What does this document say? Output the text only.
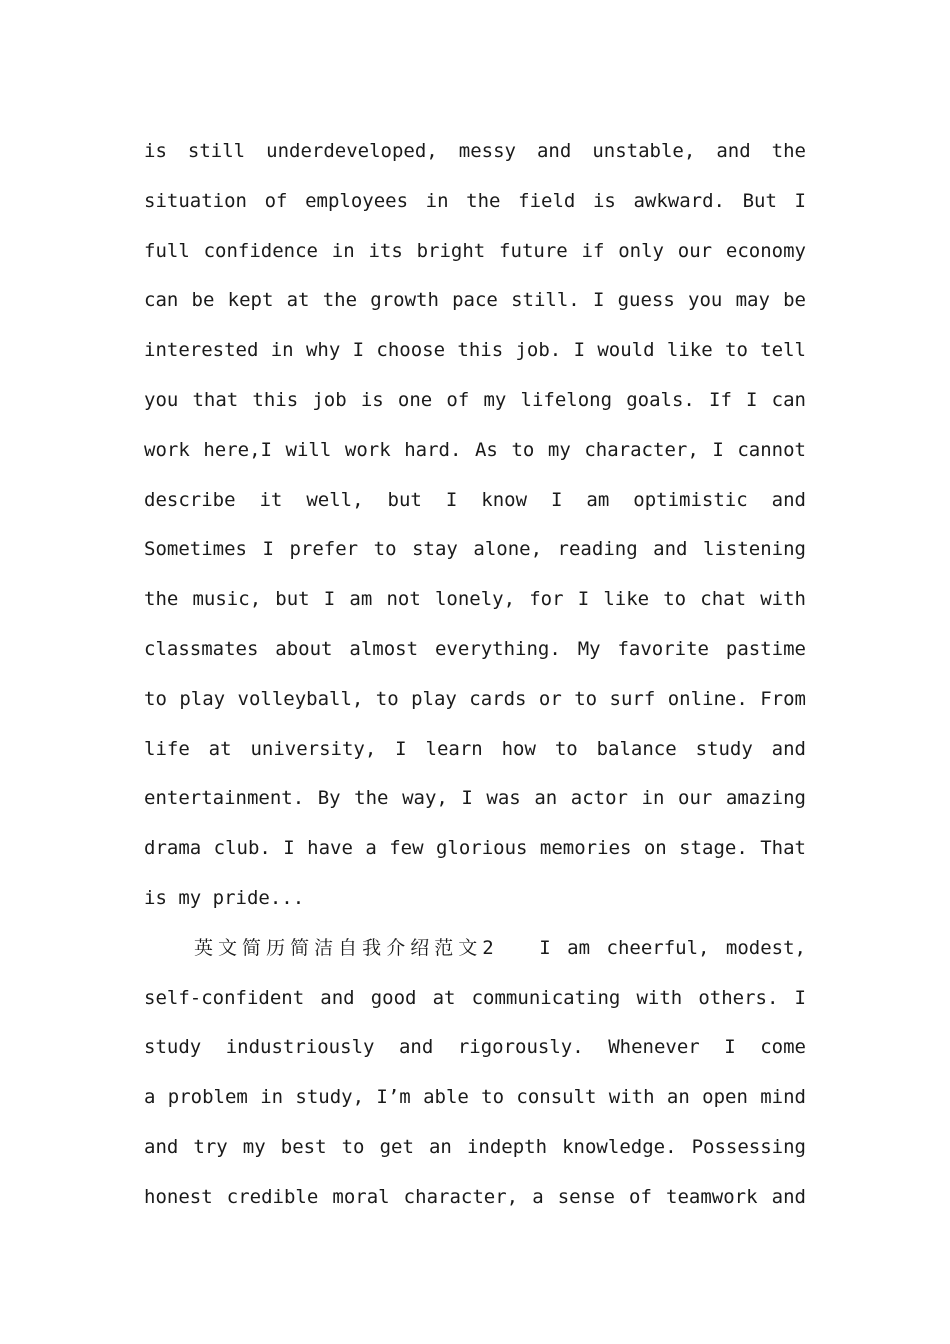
is still underdeveloped, messy and unstable, and the
situation of employees in the field is awkward. But I
full confidence in its bright future if only our economy
can be kept at the growth pace still. I guess you may be
interested in why I choose this job. I would like to tell
you that this job is one of my lifelong goals. If I can
work here,I will work hard. As to my character, I cannot
describe it well, but I know I am optimistic and
Sometimes I prefer to stay alone, reading and listening
the music, but I am not lonely, for I like to chat with
classmates about almost everything. My favorite pastime
to play volleyball, to play cards or to surf online. From
life at university, I learn how to balance study and
entertainment. By the way, I was an actor in our amazing
drama club. I have a few glorious memories on stage. That
is my pride...
英文简历简洁自我介绍范文2　 I am cheerful, modest,
self-confident and good at communicating with others. I
study industriously and rigorously. Whenever I come
a problem in study, I’m able to consult with an open mind
and try my best to get an indepth knowledge. Possessing
honest credible moral character, a sense of teamwork and
